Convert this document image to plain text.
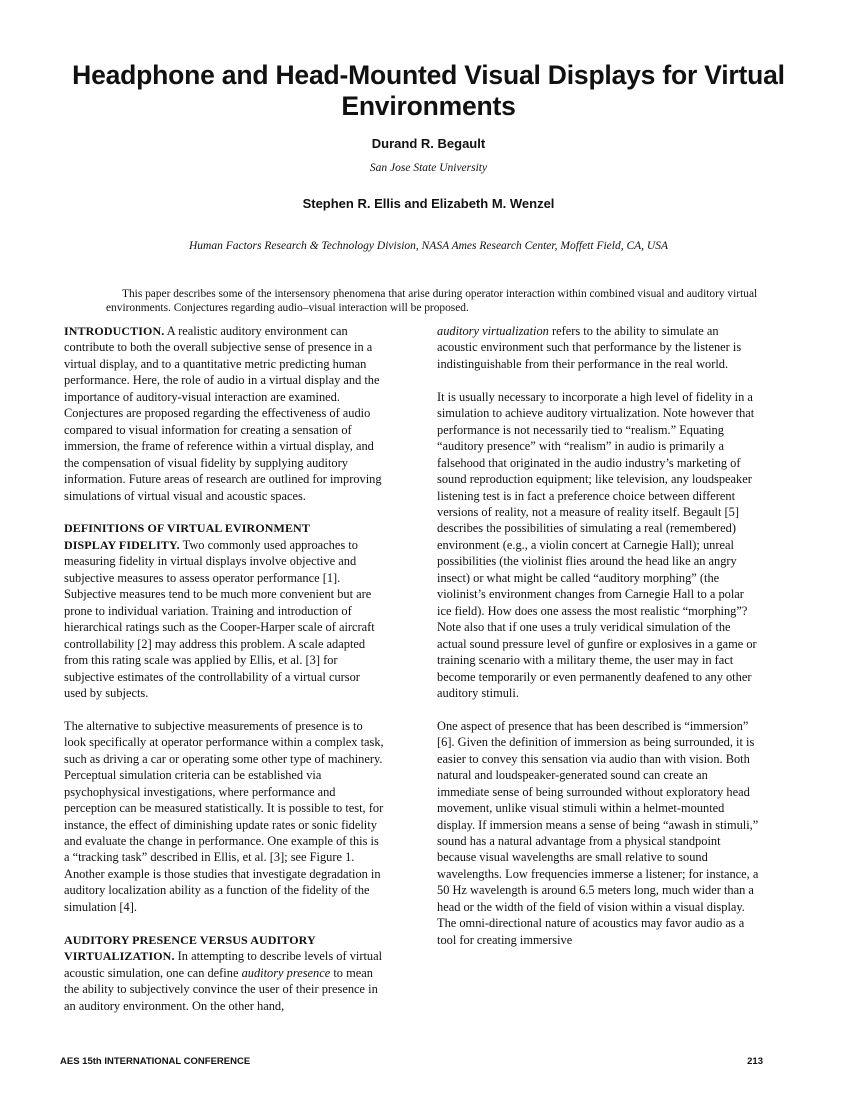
Headphone and Head-Mounted Visual Displays for Virtual Environments

Durand R. Begault

San Jose State University

Stephen R. Ellis and Elizabeth M. Wenzel

Human Factors Research & Technology Division, NASA Ames Research Center, Moffett Field, CA, USA

This paper describes some of the intersensory phenomena that arise during operator interaction within combined visual and auditory virtual environments. Conjectures regarding audio–visual interaction will be proposed.

INTRODUCTION. A realistic auditory environment can contribute to both the overall subjective sense of presence in a virtual display, and to a quantitative metric predicting human performance. Here, the role of audio in a virtual display and the importance of auditory-visual interaction are examined. Conjectures are proposed regarding the effectiveness of audio compared to visual information for creating a sensation of immersion, the frame of reference within a virtual display, and the compensation of visual fidelity by supplying auditory information. Future areas of research are outlined for improving simulations of virtual visual and acoustic spaces.

DEFINITIONS OF VIRTUAL EVIRONMENT
DISPLAY FIDELITY. Two commonly used approaches to measuring fidelity in virtual displays involve objective and subjective measures to assess operator performance [1]. Subjective measures tend to be much more convenient but are prone to individual variation. Training and introduction of hierarchical ratings such as the Cooper-Harper scale of aircraft controllability [2] may address this problem. A scale adapted from this rating scale was applied by Ellis, et al. [3] for subjective estimates of the controllability of a virtual cursor used by subjects.

The alternative to subjective measurements of presence is to look specifically at operator performance within a complex task, such as driving a car or operating some other type of machinery. Perceptual simulation criteria can be established via psychophysical investigations, where performance and perception can be measured statistically. It is possible to test, for instance, the effect of diminishing update rates or sonic fidelity and evaluate the change in performance. One example of this is a “tracking task” described in Ellis, et al. [3]; see Figure 1. Another example is those studies that investigate degradation in auditory localization ability as a function of the fidelity of the simulation [4].

AUDITORY PRESENCE VERSUS AUDITORY
VIRTUALIZATION. In attempting to describe levels of virtual acoustic simulation, one can define auditory presence to mean the ability to subjectively convince the user of their presence in an auditory environment. On the other hand,

auditory virtualization refers to the ability to simulate an acoustic environment such that performance by the listener is indistinguishable from their performance in the real world.

It is usually necessary to incorporate a high level of fidelity in a simulation to achieve auditory virtualization. Note however that performance is not necessarily tied to “realism.” Equating “auditory presence” with “realism” in audio is primarily a falsehood that originated in the audio industry’s marketing of sound reproduction equipment; like television, any loudspeaker listening test is in fact a preference choice between different versions of reality, not a measure of reality itself. Begault [5] describes the possibilities of simulating a real (remembered) environment (e.g., a violin concert at Carnegie Hall); unreal possibilities (the violinist flies around the head like an angry insect) or what might be called “auditory morphing” (the violinist’s environment changes from Carnegie Hall to a polar ice field). How does one assess the most realistic “morphing”? Note also that if one uses a truly veridical simulation of the actual sound pressure level of gunfire or explosives in a game or training scenario with a military theme, the user may in fact become temporarily or even permanently deafened to any other auditory stimuli.

One aspect of presence that has been described is “immersion” [6]. Given the definition of immersion as being surrounded, it is easier to convey this sensation via audio than with vision. Both natural and loudspeaker-generated sound can create an immediate sense of being surrounded without exploratory head movement, unlike visual stimuli within a helmet-mounted display. If immersion means a sense of being “awash in stimuli,” sound has a natural advantage from a physical standpoint because visual wavelengths are small relative to sound wavelengths. Low frequencies immerse a listener; for instance, a 50 Hz wavelength is around 6.5 meters long, much wider than a head or the width of the field of vision within a visual display. The omni-directional nature of acoustics may favor audio as a tool for creating immersive

AES 15th INTERNATIONAL CONFERENCE	213
